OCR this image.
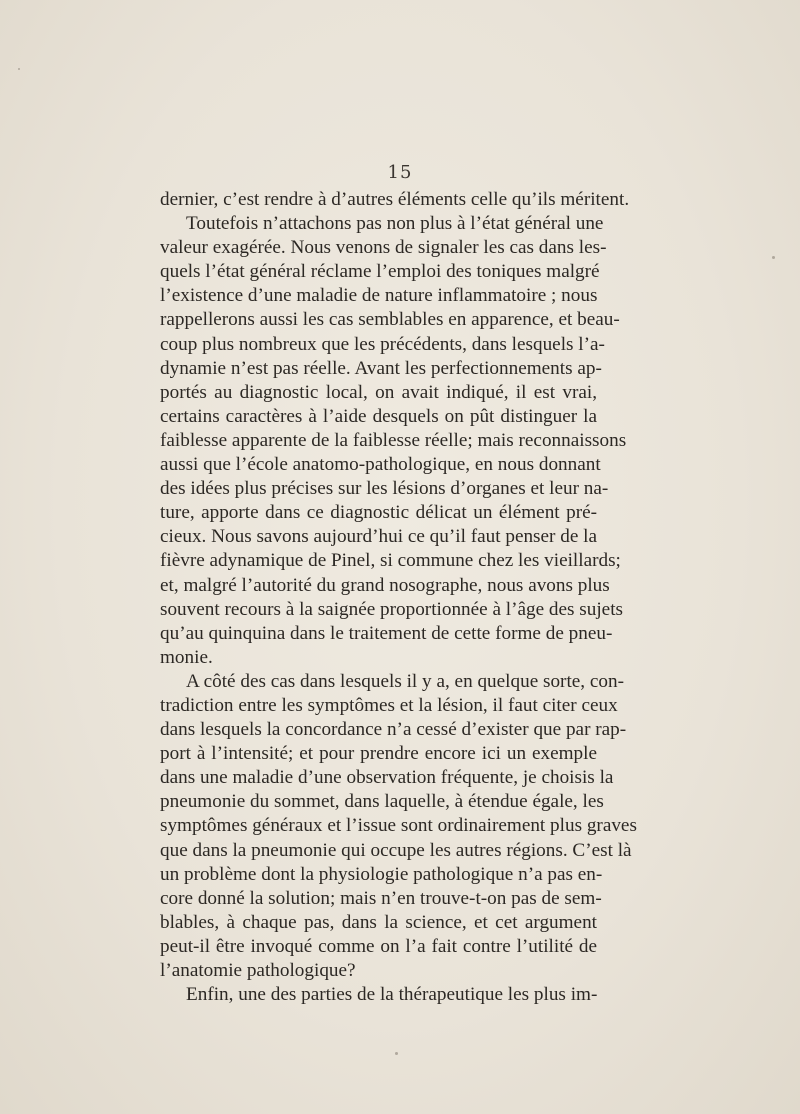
15
dernier, c’est rendre à d’autres éléments celle qu’ils méritent.
Toutefois n’attachons pas non plus à l’état général une
valeur exagérée. Nous venons de signaler les cas dans les-
quels l’état général réclame l’emploi des toniques malgré
l’existence d’une maladie de nature inflammatoire ; nous
rappellerons aussi les cas semblables en apparence, et beau-
coup plus nombreux que les précédents, dans lesquels l’a-
dynamie n’est pas réelle. Avant les perfectionnements ap-
portés au diagnostic local, on avait indiqué, il est vrai,
certains caractères à l’aide desquels on pût distinguer la
faiblesse apparente de la faiblesse réelle; mais reconnaissons
aussi que l’école anatomo-pathologique, en nous donnant
des idées plus précises sur les lésions d’organes et leur na-
ture, apporte dans ce diagnostic délicat un élément pré-
cieux. Nous savons aujourd’hui ce qu’il faut penser de la
fièvre adynamique de Pinel, si commune chez les vieillards;
et, malgré l’autorité du grand nosographe, nous avons plus
souvent recours à la saignée proportionnée à l’âge des sujets
qu’au quinquina dans le traitement de cette forme de pneu-
monie.
A côté des cas dans lesquels il y a, en quelque sorte, con-
tradiction entre les symptômes et la lésion, il faut citer ceux
dans lesquels la concordance n’a cessé d’exister que par rap-
port à l’intensité; et pour prendre encore ici un exemple
dans une maladie d’une observation fréquente, je choisis la
pneumonie du sommet, dans laquelle, à étendue égale, les
symptômes généraux et l’issue sont ordinairement plus graves
que dans la pneumonie qui occupe les autres régions. C’est là
un problème dont la physiologie pathologique n’a pas en-
core donné la solution; mais n’en trouve-t-on pas de sem-
blables, à chaque pas, dans la science, et cet argument
peut-il être invoqué comme on l’a fait contre l’utilité de
l’anatomie pathologique?
Enfin, une des parties de la thérapeutique les plus im-
